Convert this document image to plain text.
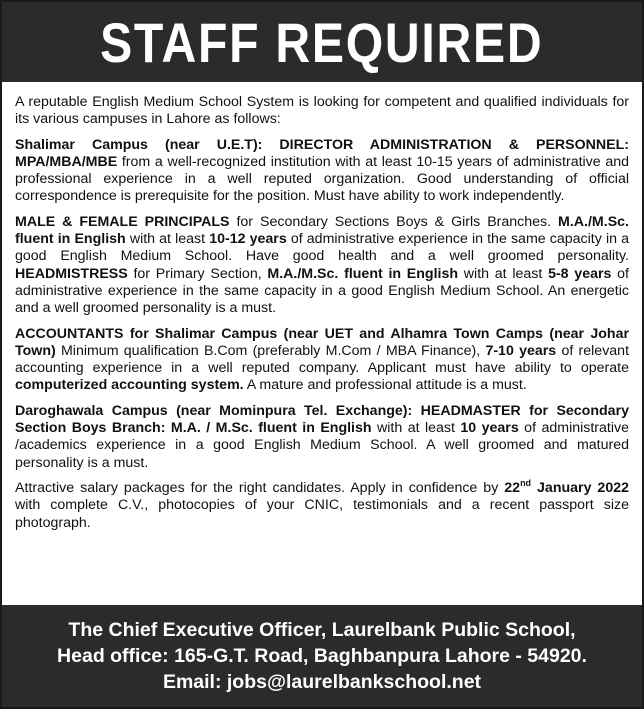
STAFF REQUIRED

A reputable English Medium School System is looking for competent and qualified individuals for its various campuses in Lahore as follows:

Shalimar Campus (near U.E.T): DIRECTOR ADMINISTRATION & PERSONNEL: MPA/MBA/MBE from a well-recognized institution with at least 10-15 years of administrative and professional experience in a well reputed organization. Good understanding of official correspondence is prerequisite for the position. Must have ability to work independently.

MALE & FEMALE PRINCIPALS for Secondary Sections Boys & Girls Branches. M.A./M.Sc. fluent in English with at least 10-12 years of administrative experience in the same capacity in a good English Medium School. Have good health and a well groomed personality. HEADMISTRESS for Primary Section, M.A./M.Sc. fluent in English with at least 5-8 years of administrative experience in the same capacity in a good English Medium School. An energetic and a well groomed personality is a must.

ACCOUNTANTS for Shalimar Campus (near UET and Alhamra Town Camps (near Johar Town) Minimum qualification B.Com (preferably M.Com / MBA Finance), 7-10 years of relevant accounting experience in a well reputed company. Applicant must have ability to operate computerized accounting system. A mature and professional attitude is a must.

Daroghawala Campus (near Mominpura Tel. Exchange): HEADMASTER for Secondary Section Boys Branch: M.A. / M.Sc. fluent in English with at least 10 years of administrative /academics experience in a good English Medium School. A well groomed and matured personality is a must.

Attractive salary packages for the right candidates. Apply in confidence by 22nd January 2022 with complete C.V., photocopies of your CNIC, testimonials and a recent passport size photograph.

The Chief Executive Officer, Laurelbank Public School,
Head office: 165-G.T. Road, Baghbanpura Lahore - 54920.
Email: jobs@laurelbankschool.net
